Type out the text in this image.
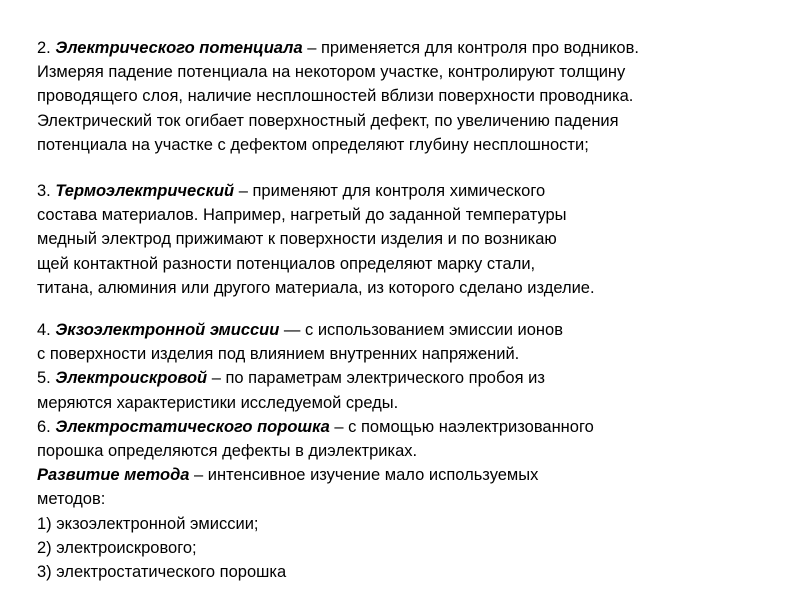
2. Электрического потенциала – применяется для контроля про водников.
Измеряя падение потенциала на некотором участке, контролируют толщину
проводящего слоя, наличие несплошностей вблизи поверхности проводника.
Электрический ток огибает поверхностный дефект, по увеличению падения
потенциала на участке с дефектом определяют глубину несплошности;
3. Термоэлектрический – применяют для контроля химического
состава материалов. Например, нагретый до заданной температуры
медный электрод прижимают к поверхности изделия и по возникаю
щей контактной разности потенциалов определяют марку стали,
титана, алюминия или другого материала, из которого сделано изделие.
4. Экзоэлектронной эмиссии — с использованием эмиссии ионов
с поверхности изделия под влиянием внутренних напряжений.
5. Электроискровой – по параметрам электрического пробоя из
меряются характеристики исследуемой среды.
6. Электростатического порошка – с помощью наэлектризованного
порошка определяются дефекты в диэлектриках.
Развитие метода – интенсивное изучение мало используемых
методов:
1) экзоэлектронной эмиссии;
2) электроискрового;
3) электростатического порошка
